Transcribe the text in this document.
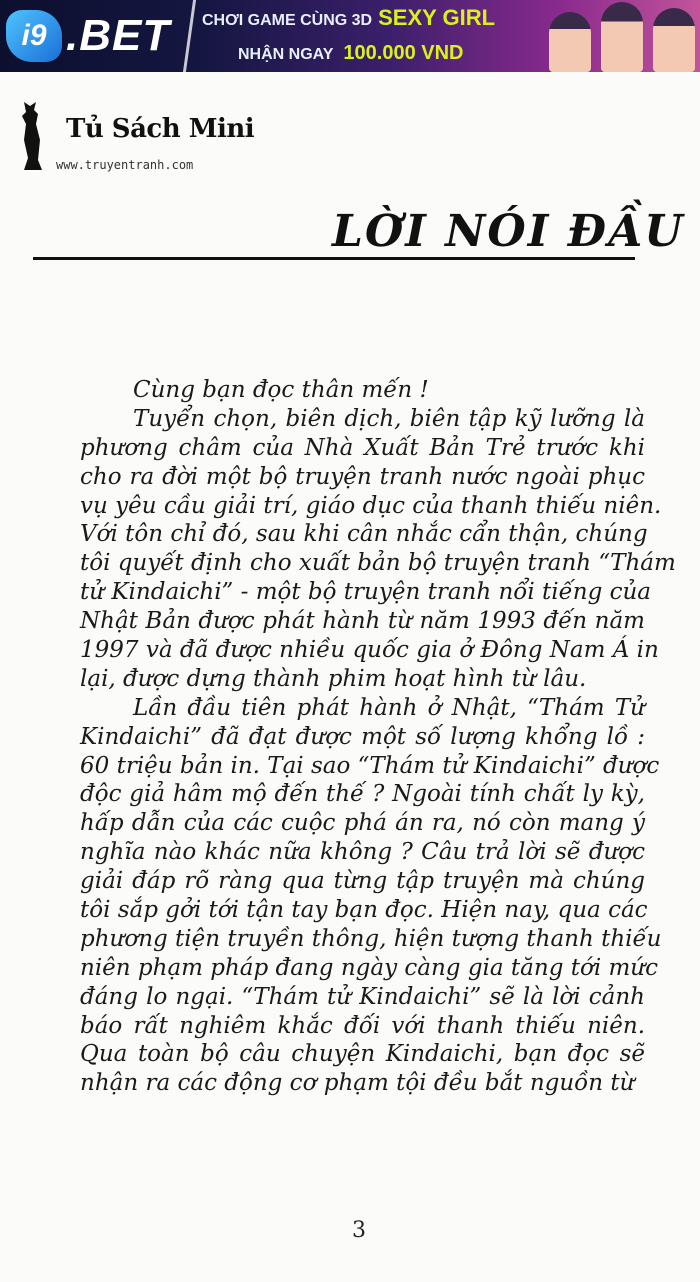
i9 .BET CHƠI GAME CÙNG 3D SEXY GIRL
NHẬN NGAY 100.000 VND
Tủ Sách Mini
www.truyentranh.com
LỜI NÓI ĐẦU
Cùng bạn đọc thân mến !
Tuyển chọn, biên dịch, biên tập kỹ lưỡng là
phương châm của Nhà Xuất Bản Trẻ trước khi
cho ra đời một bộ truyện tranh nước ngoài phục
vụ yêu cầu giải trí, giáo dục của thanh thiếu niên.
Với tôn chỉ đó, sau khi cân nhắc cẩn thận, chúng
tôi quyết định cho xuất bản bộ truyện tranh “Thám
tử Kindaichi” - một bộ truyện tranh nổi tiếng của
Nhật Bản được phát hành từ năm 1993 đến năm
1997 và đã được nhiều quốc gia ở Đông Nam Á in
lại, được dựng thành phim hoạt hình từ lâu.
Lần đầu tiên phát hành ở Nhật, “Thám Tử
Kindaichi” đã đạt được một số lượng khổng lồ :
60 triệu bản in. Tại sao “Thám tử Kindaichi” được
độc giả hâm mộ đến thế ? Ngoài tính chất ly kỳ,
hấp dẫn của các cuộc phá án ra, nó còn mang ý
nghĩa nào khác nữa không ? Câu trả lời sẽ được
giải đáp rõ ràng qua từng tập truyện mà chúng
tôi sắp gởi tới tận tay bạn đọc. Hiện nay, qua các
phương tiện truyền thông, hiện tượng thanh thiếu
niên phạm pháp đang ngày càng gia tăng tới mức
đáng lo ngại. “Thám tử Kindaichi” sẽ là lời cảnh
báo rất nghiêm khắc đối với thanh thiếu niên.
Qua toàn bộ câu chuyện Kindaichi, bạn đọc sẽ
nhận ra các động cơ phạm tội đều bắt nguồn từ
3
